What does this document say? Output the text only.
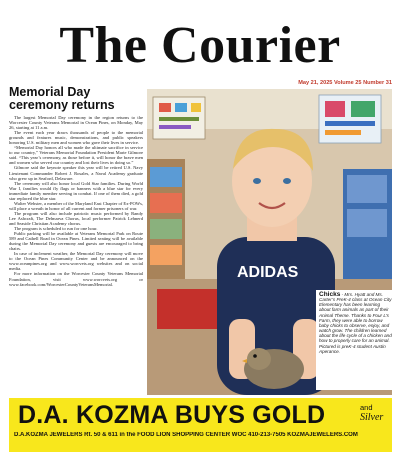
The Courier
May 21, 2025 Volume 25 Number 31
Memorial Day ceremony returns

The largest Memorial Day ceremony in the region returns to the Worcester County Veterans Memorial in Ocean Pines, on Monday, May 26, starting at 11 a.m.

The event each year draws thousands of people to the memorial grounds and features music, demonstrations, and public speakers honoring U.S. military men and women who gave their lives in service.

“Memorial Day honors all who made the ultimate sacrifice in service to our country,” Veterans Memorial Foundation President Marie Gilmore said. “This year’s ceremony, as those before it, will honor the brave men and women who served our country and lost their lives in doing so.”

Gilmore said the keynote speaker this year will be retired U.S. Navy Lieutenant Commander Robert J. Rosales, a Naval Academy graduate who grew up in Seaford, Delaware.

The ceremony will also honor local Gold Star families. During World War I, families would fly flags or banners with a blue star for every immediate family member serving in combat. If one of them died, a gold star replaced the blue star.

Walter Webster, a member of the Maryland East Chapter of Ex-POWs, will place a wreath in honor of all current and former prisoners of war.

The program will also include patriotic music performed by Randy Lee Ashcraft, The Delmarva Chorus, local performer Patrick Lehnerd and Seaside Christian Academy chorus.

The program is scheduled to run for one hour.

Public parking will be available at Veterans Memorial Park on Route 589 and Cathell Road in Ocean Pines. Limited seating will be available during the Memorial Day ceremony and guests are encouraged to bring chairs.

In case of inclement weather, the Memorial Day ceremony will move to the Ocean Pines Community Center and be announced on the www.oceanpines.org and www.worcvets.org websites and on social media.

For more information on the Worcester County Veterans Memorial Foundation, visit www.worcvets.org or www.facebook.com/WorcesterCountyVeteransMemorial.

ADIDAS
Chicks - Mrs. Hyatt and Ms. Carter’s PreK-4 class at Ocean City Elementary has been learning about farm animals as part of their Animal Theme. Thanks to Four L’s Farm, they were able to borrow baby chicks to observe, enjoy, and watch grow. The children learned about the life cycle of a chicken and how to properly care for an animal. Pictured is preK-4 student Austin Aperance.
D.A. KOZMA BUYS GOLD	and
Silver
D.A.KOZMA JEWELERS Rt. 50 & 611 in the FOOD LION SHOPPING CENTER WOC 410-213-7505 KOZMAJEWELERS.COM
